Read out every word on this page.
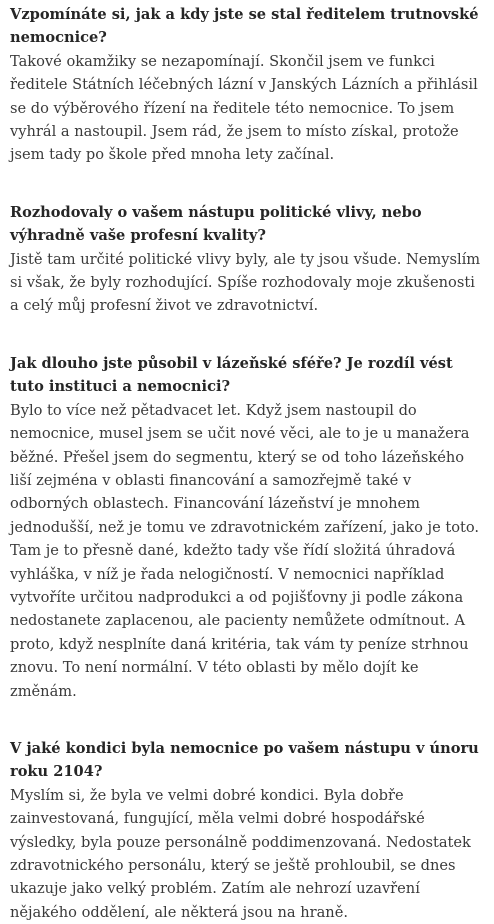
Vzpomínáte si, jak a kdy jste se stal ředitelem trutnovské nemocnice?

Takové okamžiky se nezapomínají. Skončil jsem ve funkci ředitele Státních léčebných lázní v Janských Lázních a přihlásil se do výběrového řízení na ředitele této nemocnice. To jsem vyhrál a nastoupil. Jsem rád, že jsem to místo získal, protože jsem tady po škole před mnoha lety začínal.

Rozhodovaly o vašem nástupu politické vlivy, nebo výhradně vaše profesní kvality?

Jistě tam určité politické vlivy byly, ale ty jsou všude. Nemyslím si však, že byly rozhodující. Spíše rozhodovaly moje zkušenosti a celý můj profesní život ve zdravotnictví.

Jak dlouho jste působil v lázeňské sféře? Je rozdíl vést tuto instituci a nemocnici?

Bylo to více než pětadvacet let. Když jsem nastoupil do nemocnice, musel jsem se učit nové věci, ale to je u manažera běžné. Přešel jsem do segmentu, který se od toho lázeňského liší zejména v oblasti financování a samozřejmě také v odborných oblastech. Financování lázeňství je mnohem jednodušší, než je tomu ve zdravotnickém zařízení, jako je toto. Tam je to přesně dané, kdežto tady vše řídí složitá úhradová vyhláška, v níž je řada nelogičností. V nemocnici například vytvoříte určitou nadprodukci a od pojišťovny ji podle zákona nedostanete zaplacenou, ale pacienty nemůžete odmítnout. A proto, když nesplníte daná kritéria, tak vám ty peníze strhnou znovu. To není normální. V této oblasti by mělo dojít ke změnám.

V jaké kondici byla nemocnice po vašem nástupu v únoru roku 2104?

Myslím si, že byla ve velmi dobré kondici. Byla dobře zainvestovaná, fungující, měla velmi dobré hospodářské výsledky, byla pouze personálně poddimenzovaná. Nedostatek zdravotnického personálu, který se ještě prohloubil, se dnes ukazuje jako velký problém. Zatím ale nehrozí uzavření nějakého oddělení, ale některá jsou na hraně.
